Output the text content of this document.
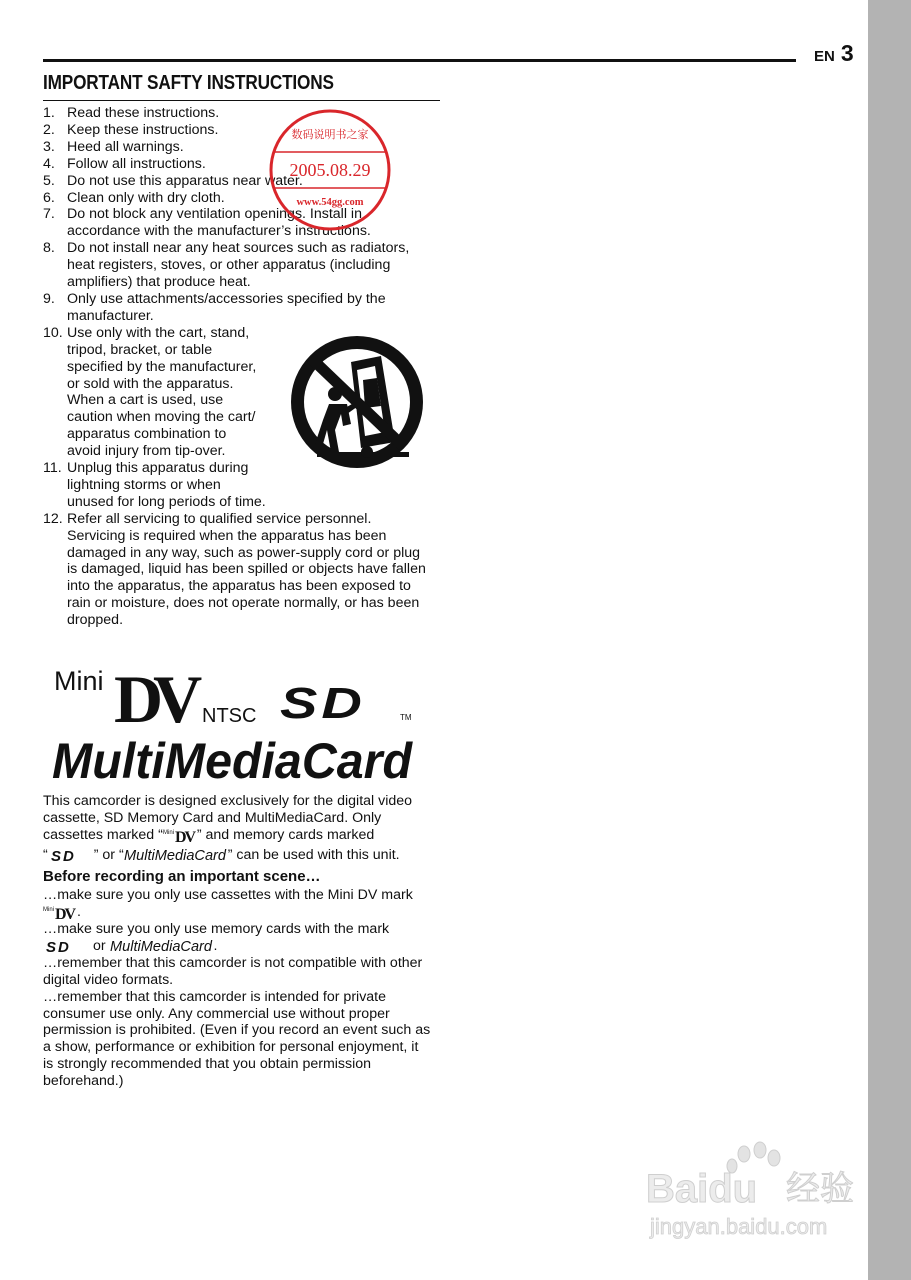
EN 3
IMPORTANT SAFTY INSTRUCTIONS
1. Read these instructions.
2. Keep these instructions.
3. Heed all warnings.
4. Follow all instructions.
5. Do not use this apparatus near water.
6. Clean only with dry cloth.
7. Do not block any ventilation openings. Install in
accordance with the manufacturer’s instructions.
8. Do not install near any heat sources such as radiators,
heat registers, stoves, or other apparatus (including
amplifiers) that produce heat.
9. Only use attachments/accessories specified by the
manufacturer.
10. Use only with the cart, stand,
tripod, bracket, or table
specified by the manufacturer,
or sold with the apparatus.
When a cart is used, use
caution when moving the cart/
apparatus combination to
avoid injury from tip-over.
11. Unplug this apparatus during
lightning storms or when
unused for long periods of time.
12. Refer all servicing to qualified service personnel.
Servicing is required when the apparatus has been
damaged in any way, such as power-supply cord or plug
is damaged, liquid has been spilled or objects have fallen
into the apparatus, the apparatus has been exposed to
rain or moisture, does not operate normally, or has been
dropped.
数码说明书之家
2005.08.29
www.54gg.com
Mini DV NTSC SD	TM
MultiMediaCard
This camcorder is designed exclusively for the digital video
cassette, SD Memory Card and MultiMediaCard. Only
cassettes marked “ Mini DV ” and memory cards marked
“ SD ” or “ MultiMediaCard ” can be used with this unit.
Before recording an important scene…
…make sure you only use cassettes with the Mini DV mark
Mini DV .
…make sure you only use memory cards with the mark
SD or MultiMediaCard .
…remember that this camcorder is not compatible with other
digital video formats.
…remember that this camcorder is intended for private
consumer use only. Any commercial use without proper
permission is prohibited. (Even if you record an event such as
a show, performance or exhibition for personal enjoyment, it
is strongly recommended that you obtain permission
beforehand.)
Baidu 经验
jingyan.baidu.com
